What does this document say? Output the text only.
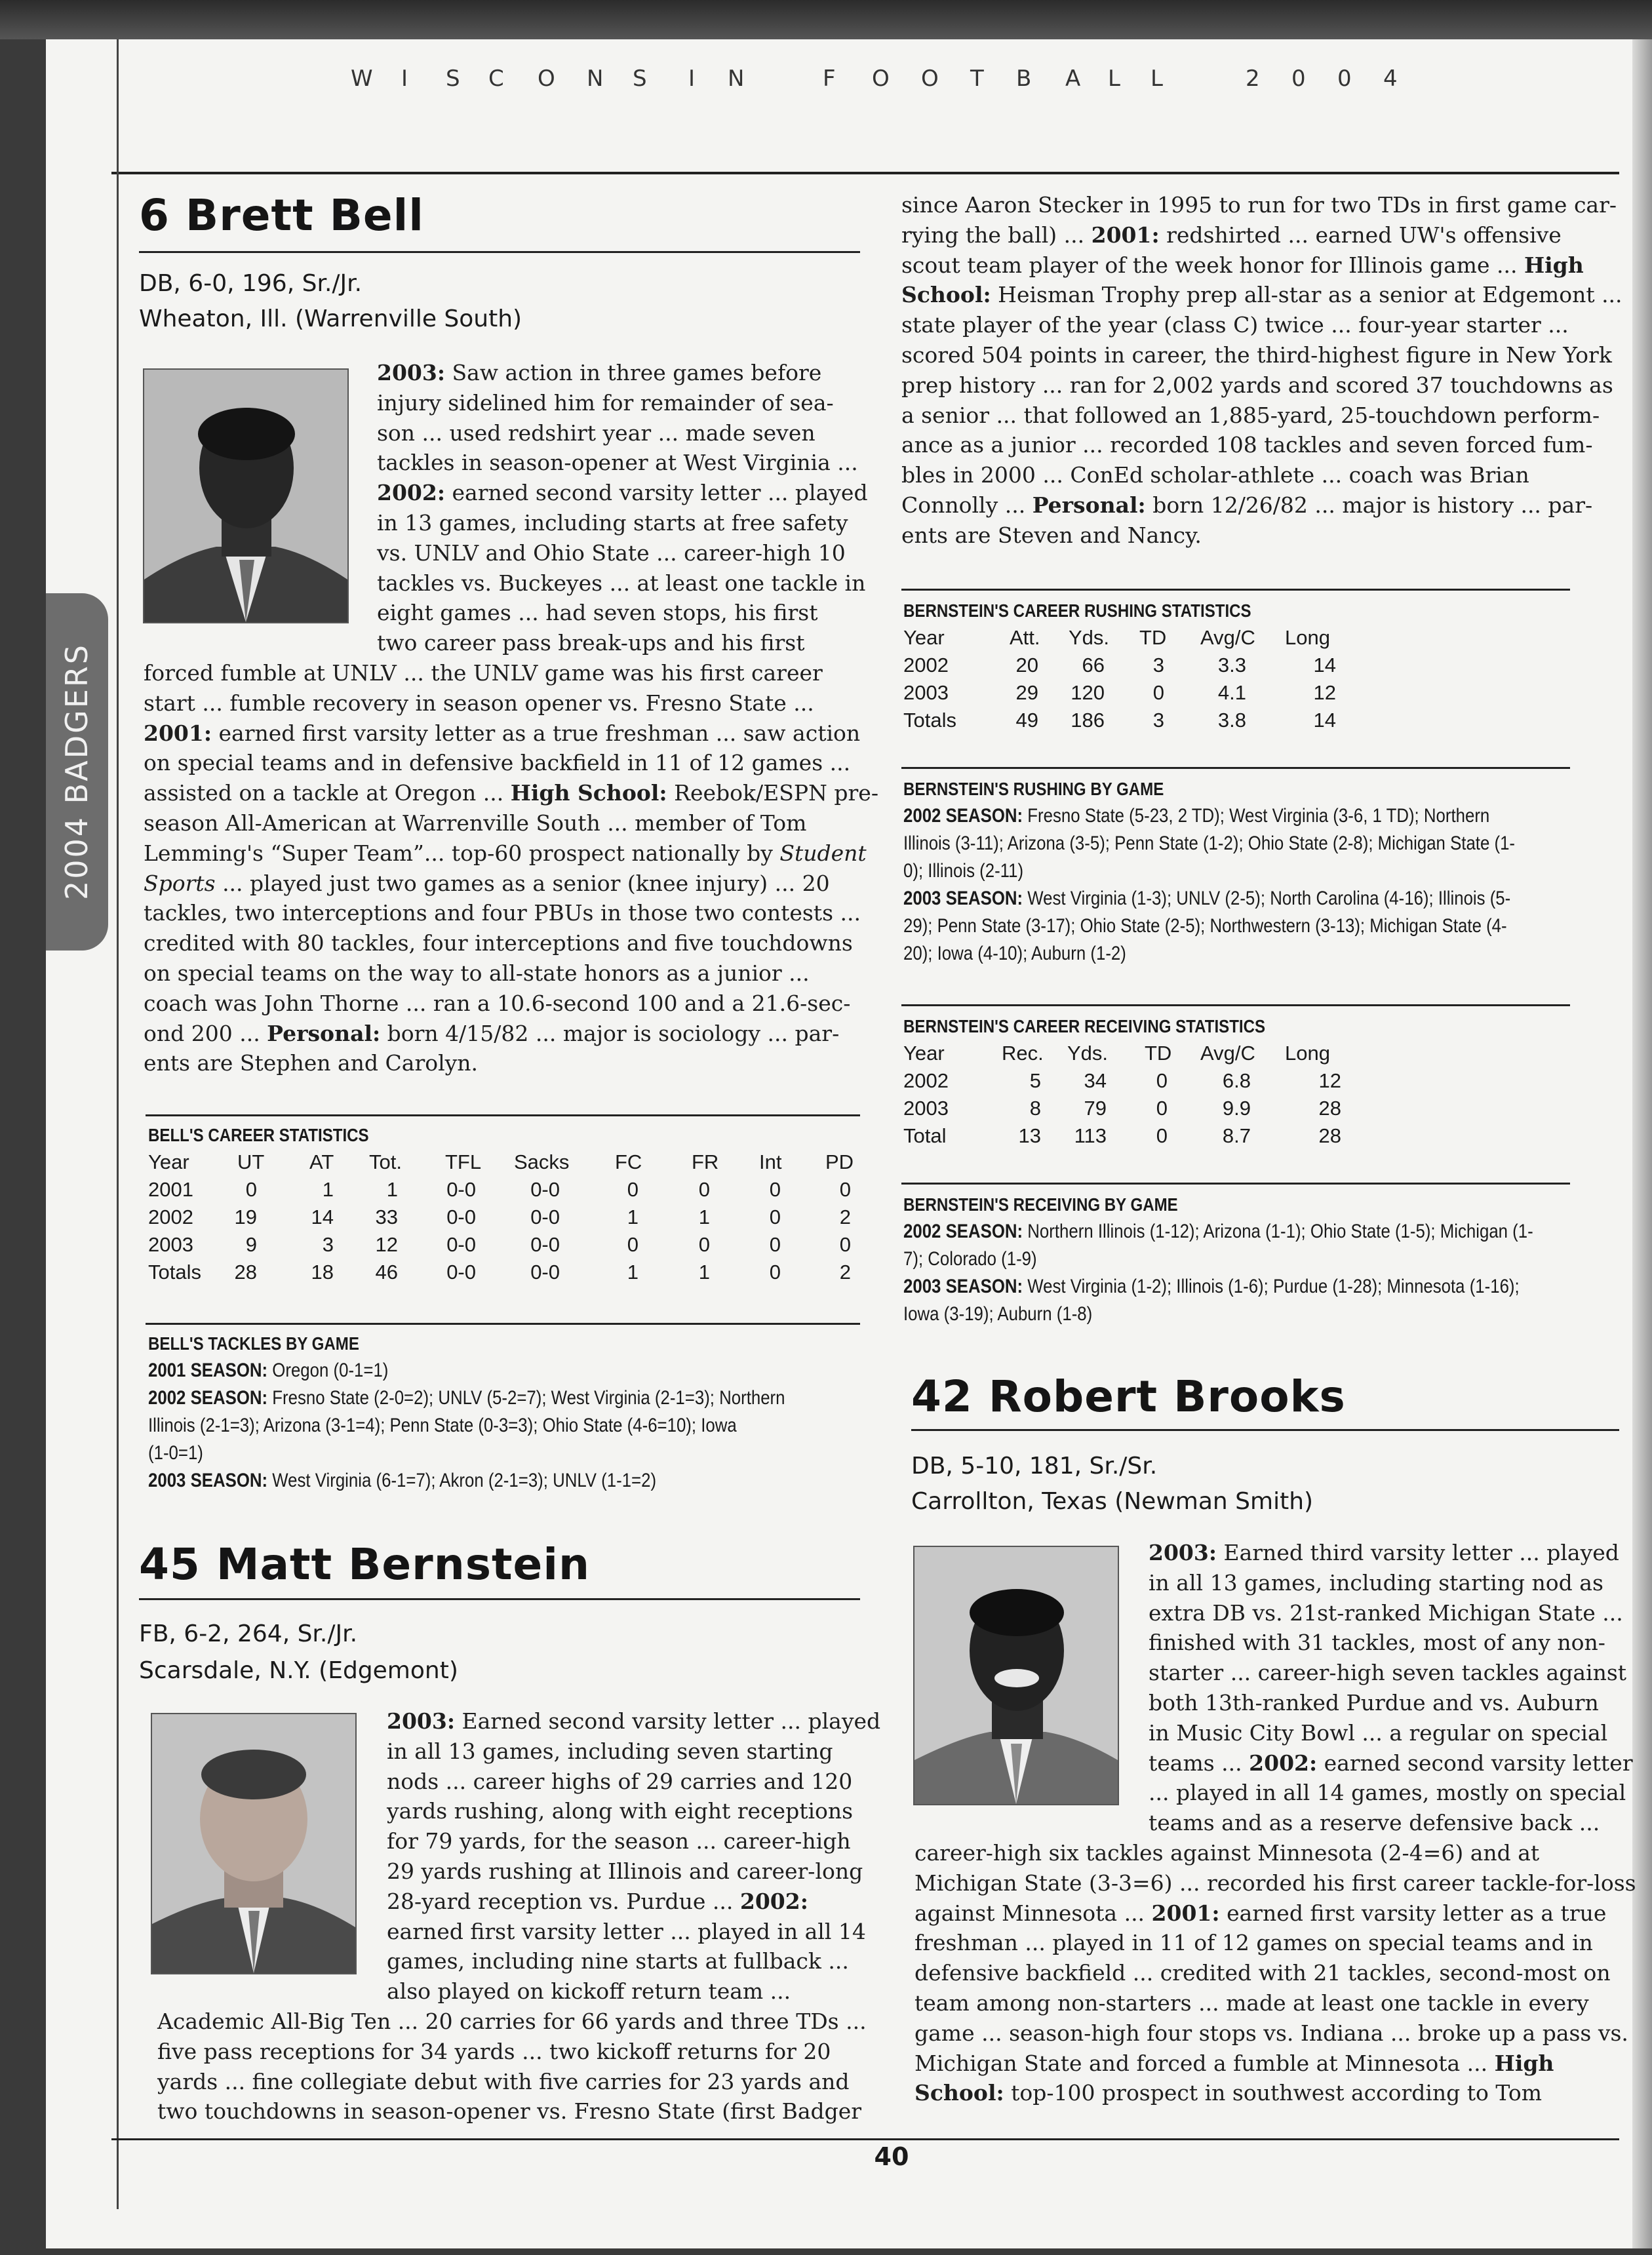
W I S C O N S I N	F O O T B A L L	2 0 0 4
2004 BADGERS
6 Brett Bell
DB, 6-0, 196, Sr./Jr.
Wheaton, Ill. (Warrenville South)
2003: Saw action in three games before
injury sidelined him for remainder of sea-
son ... used redshirt year ... made seven
tackles in season-opener at West Virginia ...
2002: earned second varsity letter ... played
in 13 games, including starts at free safety
vs. UNLV and Ohio State ... career-high 10
tackles vs. Buckeyes ... at least one tackle in
eight games ... had seven stops, his first
two career pass break-ups and his first
forced fumble at UNLV ... the UNLV game was his first career
start ... fumble recovery in season opener vs. Fresno State ...
2001: earned first varsity letter as a true freshman ... saw action
on special teams and in defensive backfield in 11 of 12 games ...
assisted on a tackle at Oregon ... High School: Reebok/ESPN pre-
season All-American at Warrenville South ... member of Tom
Lemming's “Super Team”... top-60 prospect nationally by Student
Sports ... played just two games as a senior (knee injury) ... 20
tackles, two interceptions and four PBUs in those two contests ...
credited with 80 tackles, four interceptions and five touchdowns
on special teams on the way to all-state honors as a junior ...
coach was John Thorne ... ran a 10.6-second 100 and a 21.6-sec-
ond 200 ... Personal: born 4/15/82 ... major is sociology ... par-
ents are Stephen and Carolyn.
BELL'S CAREER STATISTICS
Year UT AT Tot. TFL Sacks FC FR Int PD
2001	0	1	1	0-0	0-0	0	0	0	0
2002	19	14	33	0-0	0-0	1	1	0	2
2003	9	3	12	0-0	0-0	0	0	0	0
Totals	28	18	46	0-0	0-0	1	1	0	2
BELL'S TACKLES BY GAME
2001 SEASON: Oregon (0-1=1)
2002 SEASON: Fresno State (2-0=2); UNLV (5-2=7); West Virginia (2-1=3); Northern
Illinois (2-1=3); Arizona (3-1=4); Penn State (0-3=3); Ohio State (4-6=10); Iowa
(1-0=1)
2003 SEASON: West Virginia (6-1=7); Akron (2-1=3); UNLV (1-1=2)
45 Matt Bernstein
FB, 6-2, 264, Sr./Jr.
Scarsdale, N.Y. (Edgemont)
2003: Earned second varsity letter ... played
in all 13 games, including seven starting
nods ... career highs of 29 carries and 120
yards rushing, along with eight receptions
for 79 yards, for the season ... career-high
29 yards rushing at Illinois and career-long
28-yard reception vs. Purdue ... 2002:
earned first varsity letter ... played in all 14
games, including nine starts at fullback ...
also played on kickoff return team ...
Academic All-Big Ten ... 20 carries for 66 yards and three TDs ...
five pass receptions for 34 yards ... two kickoff returns for 20
yards ... fine collegiate debut with five carries for 23 yards and
two touchdowns in season-opener vs. Fresno State (first Badger
since Aaron Stecker in 1995 to run for two TDs in first game car-
rying the ball) ... 2001: redshirted ... earned UW's offensive
scout team player of the week honor for Illinois game ... High
School: Heisman Trophy prep all-star as a senior at Edgemont ...
state player of the year (class C) twice ... four-year starter ...
scored 504 points in career, the third-highest figure in New York
prep history ... ran for 2,002 yards and scored 37 touchdowns as
a senior ... that followed an 1,885-yard, 25-touchdown perform-
ance as a junior ... recorded 108 tackles and seven forced fum-
bles in 2000 ... ConEd scholar-athlete ... coach was Brian
Connolly ... Personal: born 12/26/82 ... major is history ... par-
ents are Steven and Nancy.
BERNSTEIN'S CAREER RUSHING STATISTICS
Year	Att. Yds. TD Avg/C Long
2002	20	66	3	3.3	14
2003	29	120	0	4.1	12
Totals	49	186	3	3.8	14
BERNSTEIN'S RUSHING BY GAME
2002 SEASON: Fresno State (5-23, 2 TD); West Virginia (3-6, 1 TD); Northern
Illinois (3-11); Arizona (3-5); Penn State (1-2); Ohio State (2-8); Michigan State (1-
0); Illinois (2-11)
2003 SEASON: West Virginia (1-3); UNLV (2-5); North Carolina (4-16); Illinois (5-
29); Penn State (3-17); Ohio State (2-5); Northwestern (3-13); Michigan State (4-
20); Iowa (4-10); Auburn (1-2)
BERNSTEIN'S CAREER RECEIVING STATISTICS
Year	Rec. Yds. TD Avg/C Long
2002	5	34	0	6.8	12
2003	8	79	0	9.9	28
Total	13	113	0	8.7	28
BERNSTEIN'S RECEIVING BY GAME
2002 SEASON: Northern Illinois (1-12); Arizona (1-1); Ohio State (1-5); Michigan (1-
7); Colorado (1-9)
2003 SEASON: West Virginia (1-2); Illinois (1-6); Purdue (1-28); Minnesota (1-16);
Iowa (3-19); Auburn (1-8)
42 Robert Brooks
DB, 5-10, 181, Sr./Sr.
Carrollton, Texas (Newman Smith)
2003: Earned third varsity letter ... played
in all 13 games, including starting nod as
extra DB vs. 21st-ranked Michigan State ...
finished with 31 tackles, most of any non-
starter ... career-high seven tackles against
both 13th-ranked Purdue and vs. Auburn
in Music City Bowl ... a regular on special
teams ... 2002: earned second varsity letter
... played in all 14 games, mostly on special
teams and as a reserve defensive back ...
career-high six tackles against Minnesota (2-4=6) and at
Michigan State (3-3=6) ... recorded his first career tackle-for-loss
against Minnesota ... 2001: earned first varsity letter as a true
freshman ... played in 11 of 12 games on special teams and in
defensive backfield ... credited with 21 tackles, second-most on
team among non-starters ... made at least one tackle in every
game ... season-high four stops vs. Indiana ... broke up a pass vs.
Michigan State and forced a fumble at Minnesota ... High
School: top-100 prospect in southwest according to Tom
40
